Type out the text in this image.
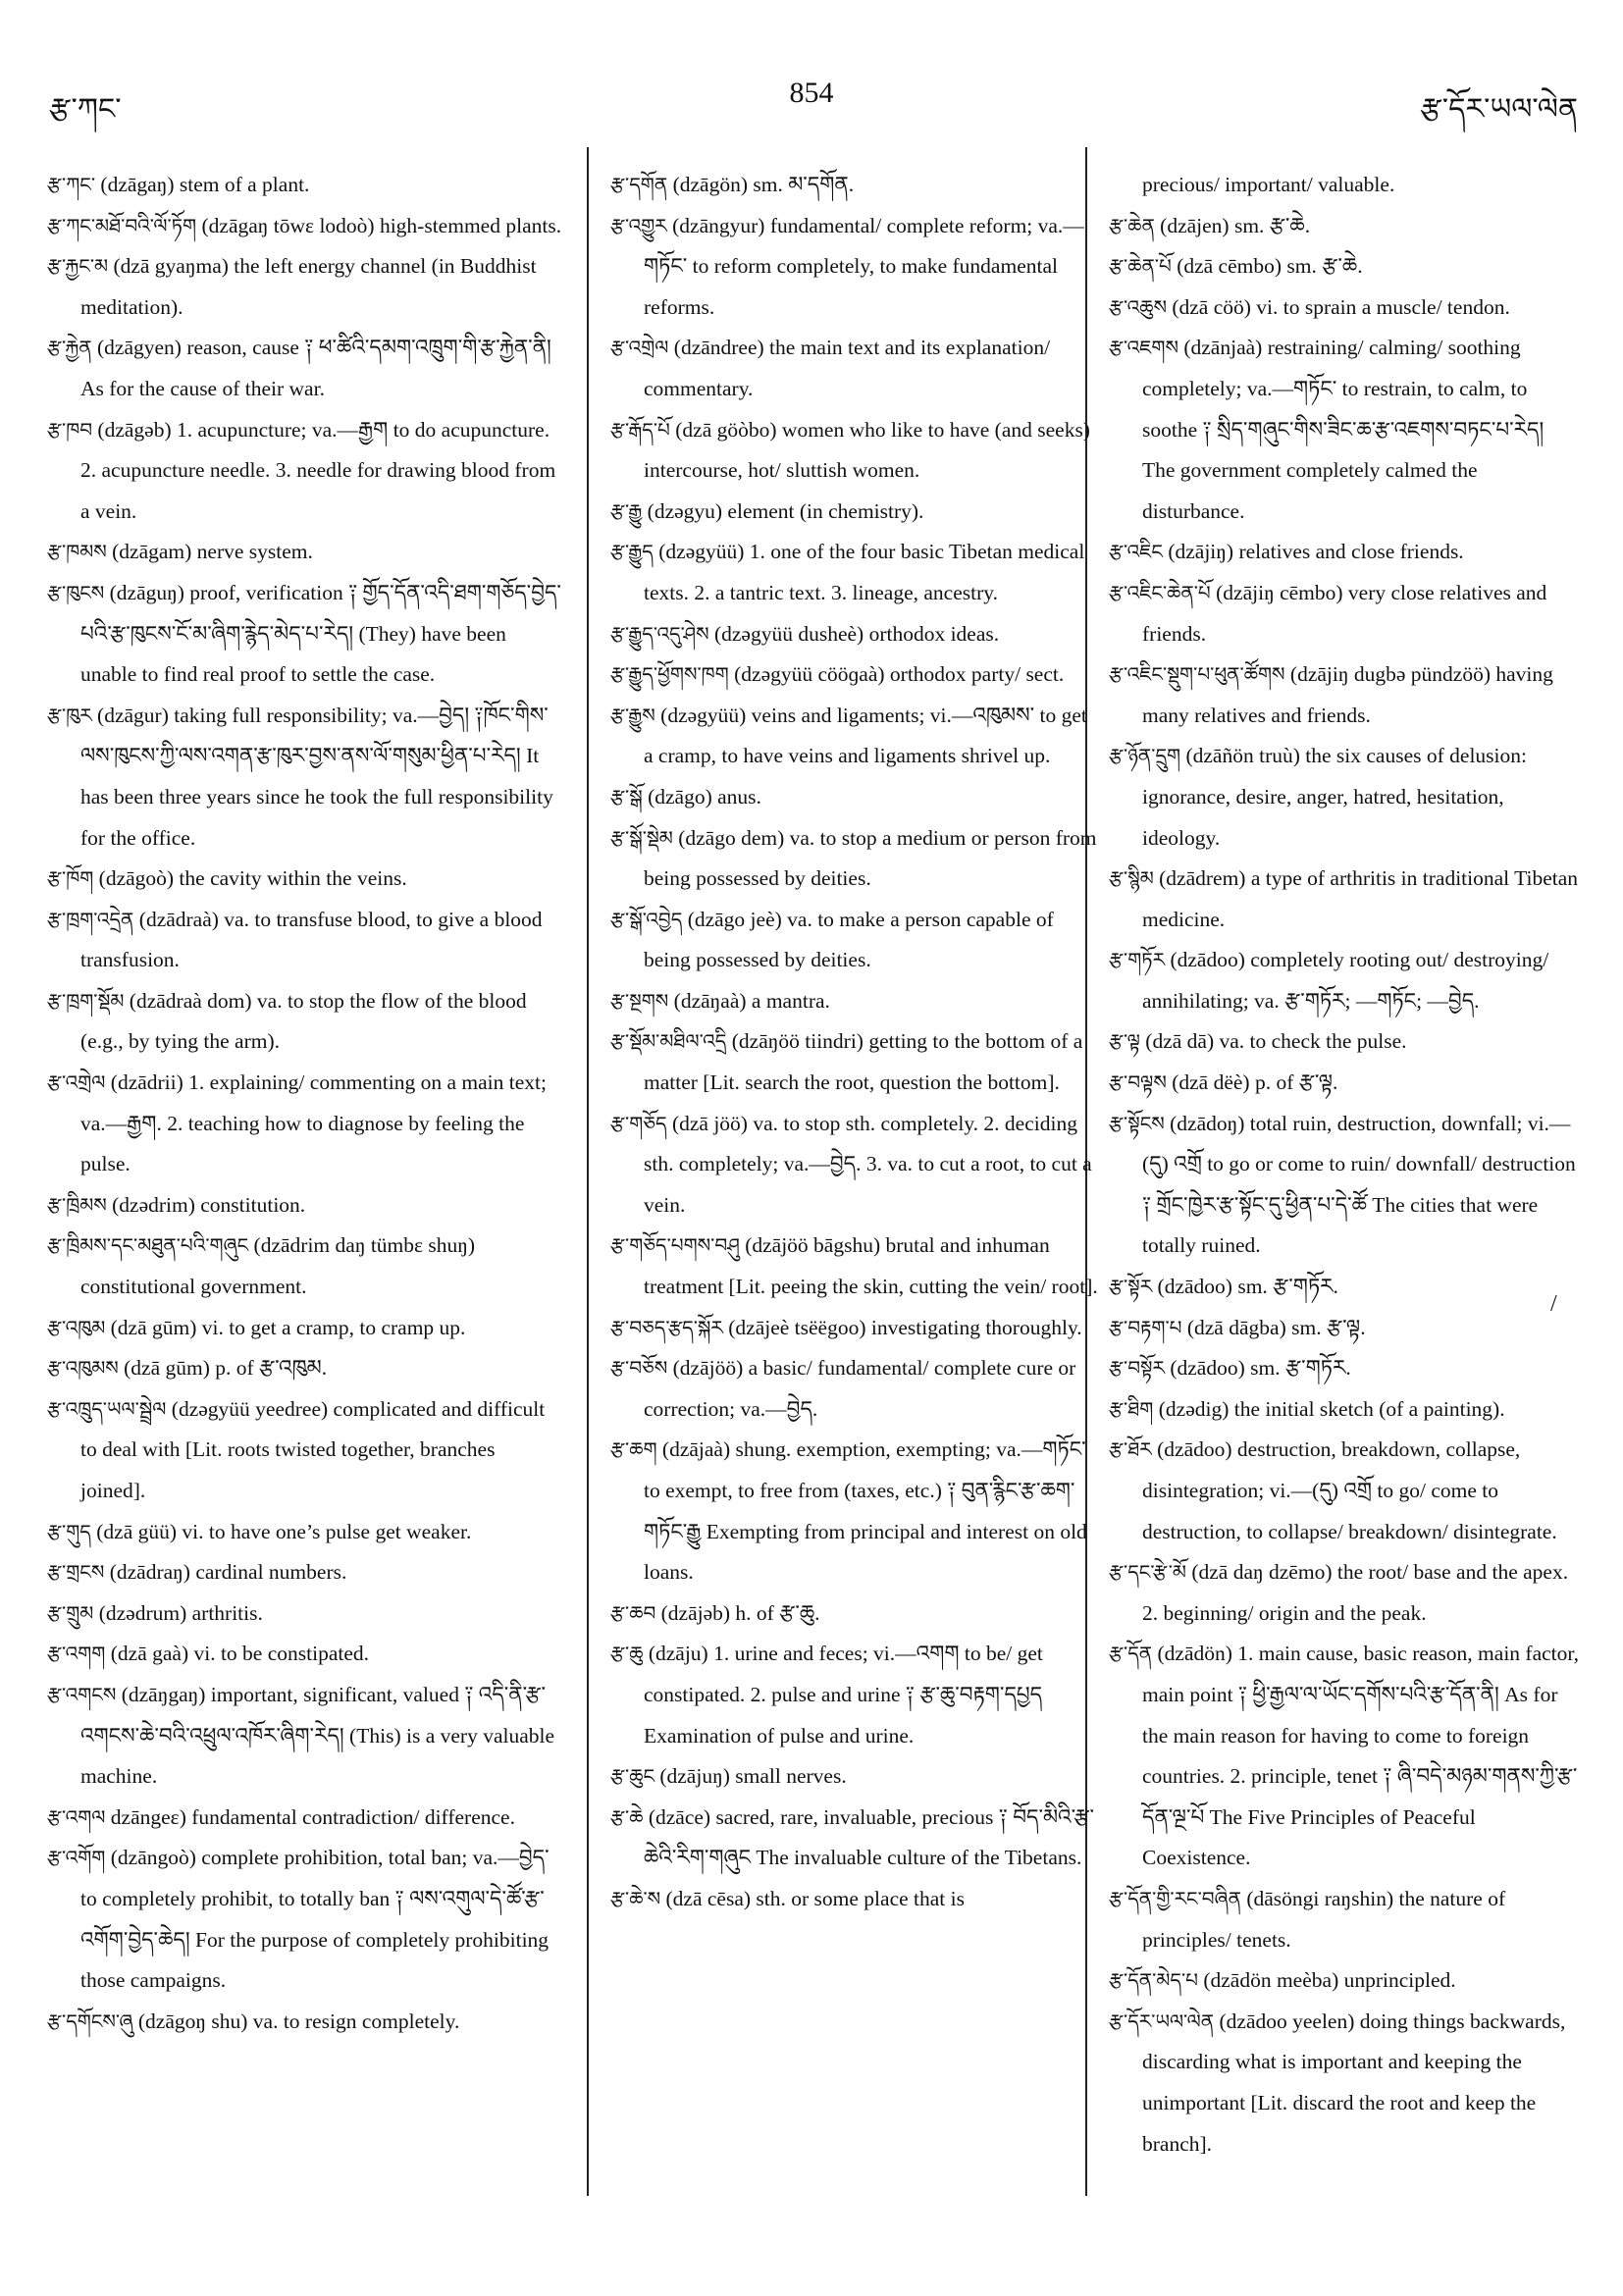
རྩ་ཀང་
854
རྩ་དོར་ཡལ་ལེན

རྩ་ཀང་ (dzāgaŋ) stem of a plant.

རྩ་ཀང་མཐོ་བའི་ལོ་ཏོག (dzāgaŋ tōwɛ lodoò) high-stemmed plants.

རྩ་རྐྱང་མ (dzā gyaŋma) the left energy channel (in Buddhist meditation).

རྩ་རྐྱེན (dzāgyen) reason, cause ༑ ཕ་ཚིའི་དམག་འཁྲུག་གི་རྩ་རྐྱེན་ནི། As for the cause of their war.

རྩ་ཁབ (dzāgəb) 1. acupuncture; va.—རྒྱག to do acupuncture. 2. acupuncture needle. 3. needle for drawing blood from a vein.

རྩ་ཁམས (dzāgam) nerve system.

རྩ་ཁུངས (dzāguŋ) proof, verification ༑ གྱོད་དོན་འདི་ཐག་གཅོད་བྱེད་པའི་རྩ་ཁུངས་ངོ་མ་ཞིག་རྙེད་མེད་པ་རེད། (They) have been unable to find real proof to settle the case.

རྩ་ཁུར (dzāgur) taking full responsibility; va.—བྱེད། ༑ཁོང་གིས་ལས་ཁུངས་ཀྱི་ལས་འགན་རྩ་ཁུར་བྱས་ནས་ལོ་གསུམ་ཕྱིན་པ་རེད། It has been three years since he took the full responsibility for the office.

རྩ་ཁོག (dzāgoò) the cavity within the veins.

རྩ་ཁྲག་འདྲེན (dzādraà) va. to transfuse blood, to give a blood transfusion.

རྩ་ཁྲག་སྡོམ (dzādraà dom) va. to stop the flow of the blood (e.g., by tying the arm).

རྩ་འགྲེལ (dzādrii) 1. explaining/ commenting on a main text; va.—རྒྱག. 2. teaching how to diagnose by feeling the pulse.

རྩ་ཁྲིམས (dzədrim) constitution.

རྩ་ཁྲིམས་དང་མཐུན་པའི་གཞུང (dzādrim daŋ tümbɛ shuŋ) constitutional government.

རྩ་འཁུམ (dzā gūm) vi. to get a cramp, to cramp up.

རྩ་འཁུམས (dzā gūm) p. of རྩ་འཁུམ.

རྩ་འཁྲུད་ཡལ་སྦྲེལ (dzəgyüü yeedree) complicated and difficult to deal with [Lit. roots twisted together, branches joined].

རྩ་གུད (dzā güü) vi. to have one’s pulse get weaker.

རྩ་གྲངས (dzādraŋ) cardinal numbers.

རྩ་གྲུམ (dzədrum) arthritis.

རྩ་འགག (dzā gaà) vi. to be constipated.

རྩ་འགངས (dzāŋgaŋ) important, significant, valued ༑ འདི་ནི་རྩ་འགངས་ཆེ་བའི་འཕྲུལ་འཁོར་ཞིག་རེད། (This) is a very valuable machine.

རྩ་འགལ dzāngeɛ) fundamental contradiction/ difference.

རྩ་འགོག (dzāngoò) complete prohibition, total ban; va.—བྱེད་ to completely prohibit, to totally ban ༑ ལས་འགུལ་དེ་ཚོ་རྩ་འགོག་བྱེད་ཆེད། For the purpose of completely prohibiting those campaigns.

རྩ་དགོངས་ཞུ (dzāgoŋ shu) va. to resign completely.

རྩ་དགོན (dzāgön) sm. མ་དགོན.

རྩ་འགྱུར (dzāngyur) fundamental/ complete reform; va.—གཏོང་ to reform completely, to make fundamental reforms.

རྩ་འགྲེལ (dzāndree) the main text and its explanation/ commentary.

རྩ་རྒོད་པོ (dzā göòbo) women who like to have (and seeks) intercourse, hot/ sluttish women.

རྩ་རྒྱུ (dzəgyu) element (in chemistry).

རྩ་རྒྱུད (dzəgyüü) 1. one of the four basic Tibetan medical texts. 2. a tantric text. 3. lineage, ancestry.

རྩ་རྒྱུད་འདུ་ཤེས (dzəgyüü dusheè) orthodox ideas.

རྩ་རྒྱུད་ཕྱོགས་ཁག (dzəgyüü cööɡaà) orthodox party/ sect.

རྩ་རྒྱུས (dzəgyüü) veins and ligaments; vi.—འཁུམས་ to get a cramp, to have veins and ligaments shrivel up.

རྩ་སྒོ (dzāgo) anus.

རྩ་སྒོ་སྡེམ (dzāgo dem) va. to stop a medium or person from being possessed by deities.

རྩ་སྒོ་འབྱེད (dzāgo jeè) va. to make a person capable of being possessed by deities.

རྩ་སྔགས (dzāŋaà) a mantra.

རྩ་སྡོམ་མཐིལ་འདྲི (dzāŋöö tiindri) getting to the bottom of a matter [Lit. search the root, question the bottom].

རྩ་གཅོད (dzā jöö) va. to stop sth. completely. 2. deciding sth. completely; va.—བྱེད. 3. va. to cut a root, to cut a vein.

རྩ་གཅོད་པགས་བཤུ (dzājöö bāgshu) brutal and inhuman treatment [Lit. peeing the skin, cutting the vein/ root].

རྩ་བཅད་རྩད་སྐོར (dzājeè tsëëgoo) investigating thoroughly.

རྩ་བཅོས (dzājöö) a basic/ fundamental/ complete cure or correction; va.—བྱེད.

རྩ་ཆག (dzājaà) shung. exemption, exempting; va.—གཏོང་ to exempt, to free from (taxes, etc.) ༑ བུན་རྙིང་རྩ་ཆག་གཏོང་རྒྱུ Exempting from principal and interest on old loans.

རྩ་ཆབ (dzājəb) h. of རྩ་ཆུ.

རྩ་ཆུ (dzāju) 1. urine and feces; vi.—འགག to be/ get constipated. 2. pulse and urine ༑ རྩ་ཆུ་བརྟག་དཔྱད Examination of pulse and urine.

རྩ་ཆུང (dzājuŋ) small nerves.

རྩ་ཆེ (dzāce) sacred, rare, invaluable, precious ༑ བོད་མིའི་རྩ་ཆེའི་རིག་གཞུང The invaluable culture of the Tibetans.

རྩ་ཆེ་ས (dzā cēsa) sth. or some place that is

precious/ important/ valuable.

རྩ་ཆེན (dzājen) sm. རྩ་ཆེ.

རྩ་ཆེན་པོ (dzā cēmbo) sm. རྩ་ཆེ.

རྩ་འཆུས (dzā cöö) vi. to sprain a muscle/ tendon.

རྩ་འཇགས (dzānjaà) restraining/ calming/ soothing completely; va.—གཏོང་ to restrain, to calm, to soothe ༑ སྲིད་གཞུང་གིས་ཟིང་ཆ་རྩ་འཇགས་བཏང་པ་རེད། The government completely calmed the disturbance.

རྩ་འཇིང (dzājiŋ) relatives and close friends.

རྩ་འཇིང་ཆེན་པོ (dzājiŋ cēmbo) very close relatives and friends.

རྩ་འཇིང་སྡུག་པ་ཕུན་ཚོགས (dzājiŋ dugbə pündzöö) having many relatives and friends.

རྩ་ཉོན་དྲུག (dzāñön truù) the six causes of delusion: ignorance, desire, anger, hatred, hesitation, ideology.

རྩ་སྙིམ (dzādrem) a type of arthritis in traditional Tibetan medicine.

རྩ་གཏོར (dzādoo) completely rooting out/ destroying/ annihilating; va. རྩ་གཏོར; —གཏོང; —བྱེད.

རྩ་ལྟ (dzā dā) va. to check the pulse.

རྩ་བལྟས (dzā dëè) p. of རྩ་ལྟ.

རྩ་སྟོངས (dzādoŋ) total ruin, destruction, downfall; vi.—(དུ) འགྲོ to go or come to ruin/ downfall/ destruction ༑ གྲོང་ཁྱེར་རྩ་སྟོང་དུ་ཕྱིན་པ་དེ་ཚོ The cities that were totally ruined.

རྩ་སྟོར (dzādoo) sm. རྩ་གཏོར.

རྩ་བརྟག་པ (dzā dāgba) sm. རྩ་ལྟ.

རྩ་བསྟོར (dzādoo) sm. རྩ་གཏོར.

རྩ་ཐིག (dzədig) the initial sketch (of a painting).

རྩ་ཐོར (dzādoo) destruction, breakdown, collapse, disintegration; vi.—(དུ) འགྲོ to go/ come to destruction, to collapse/ breakdown/ disintegrate.

རྩ་དང་རྩེ་མོ (dzā daŋ dzēmo) the root/ base and the apex. 2. beginning/ origin and the peak.

རྩ་དོན (dzādön) 1. main cause, basic reason, main factor, main point ༑ ཕྱི་རྒྱལ་ལ་ཡོང་དགོས་པའི་རྩ་དོན་ནི། As for the main reason for having to come to foreign countries. 2. principle, tenet ༑ ཞི་བདེ་མཉམ་གནས་ཀྱི་རྩ་དོན་ལྔ་པོ The Five Principles of Peaceful Coexistence.

རྩ་དོན་གྱི་རང་བཞིན (dāsöngi raŋshin) the nature of principles/ tenets.

རྩ་དོན་མེད་པ (dzādön meèba) unprincipled.

རྩ་དོར་ཡལ་ལེན (dzādoo yeelen) doing things backwards, discarding what is important and keeping the unimportant [Lit. discard the root and keep the branch].

/
